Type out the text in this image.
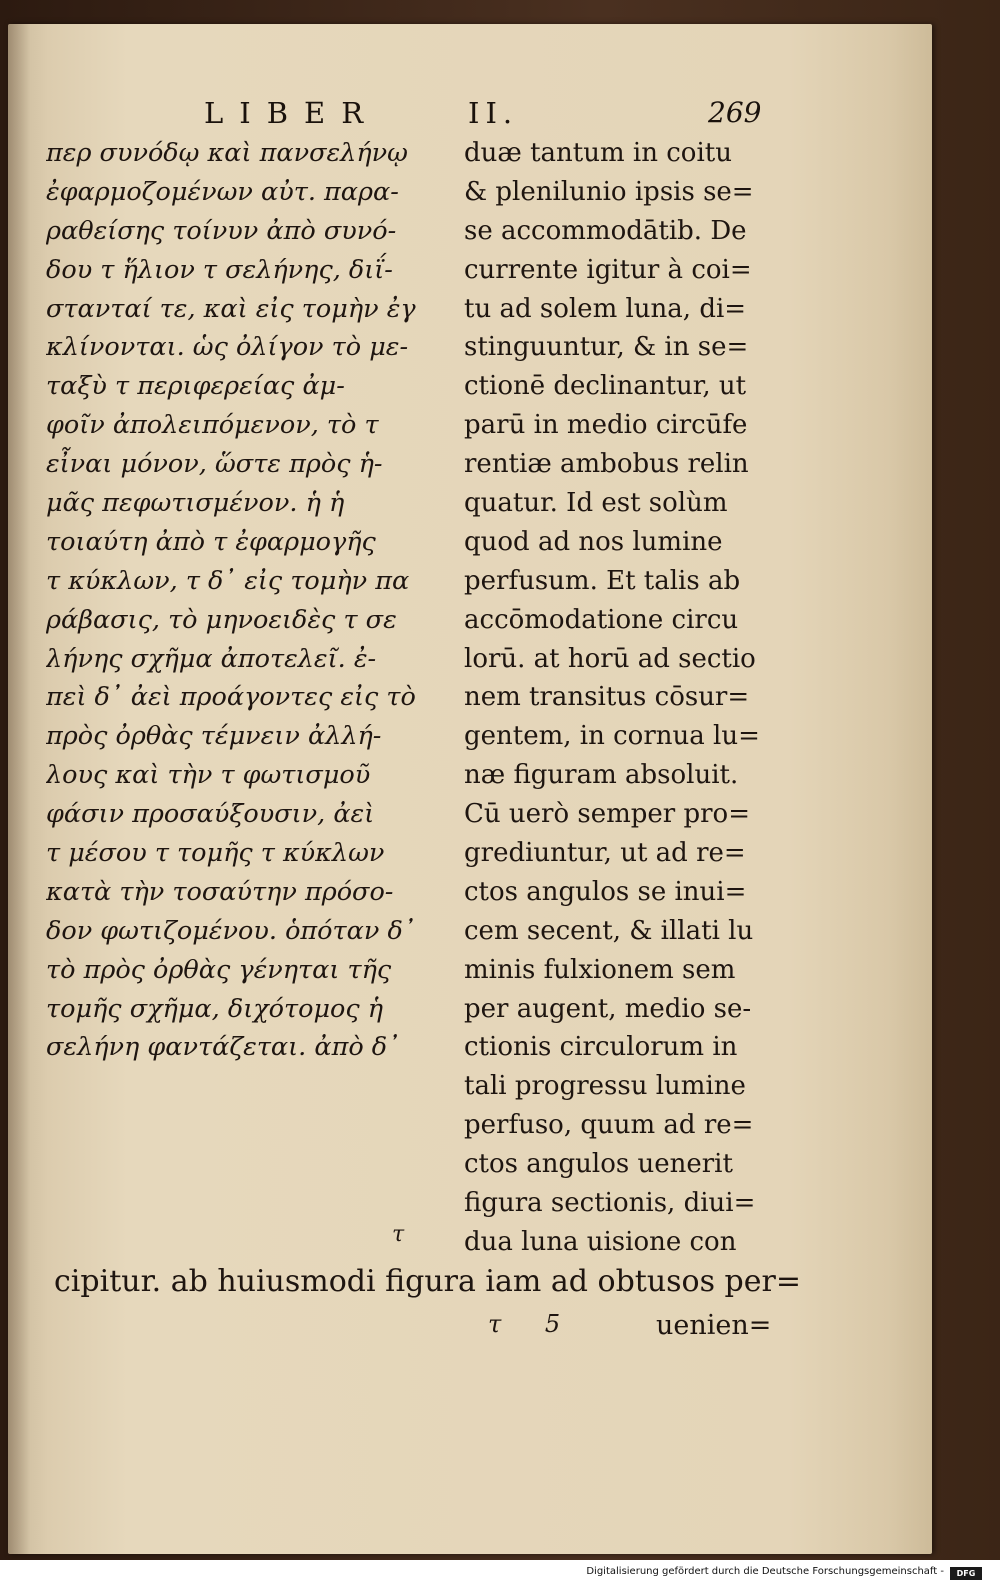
LIBER	II.	269
περ συνόδῳ καὶ πανσελήνῳ
ἐφαρμοζομένων αὐτ. παρα-
ραθείσης τοίνυν ἀπὸ συνό-
δου τ ἥλιον τ σελήνης, διΐ-
στανταί τε, καὶ εἰς τομὴν ἐγ
κλίνονται. ὡς ὀλίγον τὸ με-
ταξὺ τ περιφερείας ἀμ-
φοῖν ἀπολειπόμενον, τὸ τ
εἶναι μόνον, ὥστε πρὸς ἡ-
μᾶς πεφωτισμένον. ἡ ἡ
τοιαύτη ἀπὸ τ ἐφαρμογῆς
τ κύκλων, τ δ᾽ εἰς τομὴν πα
ράβασις, τὸ μηνοειδὲς τ σε
λήνης σχῆμα ἀποτελεῖ. ἐ-
πεὶ δ᾽ ἀεὶ προάγοντες εἰς τὸ
πρὸς ὀρθὰς τέμνειν ἀλλή-
λους καὶ τὴν τ φωτισμοῦ
φάσιν προσαύξουσιν, ἀεὶ
τ μέσου τ τομῆς τ κύκλων
κατὰ τὴν τοσαύτην πρόσο-
δον φωτιζομένου. ὁπόταν δ᾽
τὸ πρὸς ὀρθὰς γένηται τῆς
τομῆς σχῆμα, διχότομος ἡ
σελήνη φαντάζεται. ἀπὸ δ᾽
τ
duæ tantum in coitu
& plenilunio ipsis se=
se accommodātib. De
currente igitur à coi=
tu ad solem luna, di=
stinguuntur, & in se=
ctionē declinantur, ut
parū in medio circūfe
rentiæ ambobus relin
quatur. Id est solùm
quod ad nos lumine
perfusum. Et talis ab
accōmodatione circu
lorū. at horū ad sectio
nem transitus cōsur=
gentem, in cornua lu=
næ figuram absoluit.
Cū uerò semper pro=
grediuntur, ut ad re=
ctos angulos se inui=
cem secent, & illati lu
minis fulxionem sem
per augent, medio se-
ctionis circulorum in
tali progressu lumine
perfuso, quum ad re=
ctos angulos uenerit
figura sectionis, diui=
dua luna uisione con
cipitur. ab huiusmodi figura iam ad obtusos per=
τ 5	uenien=
Digitalisierung gefördert durch die Deutsche Forschungsgemeinschaft -	DFG
